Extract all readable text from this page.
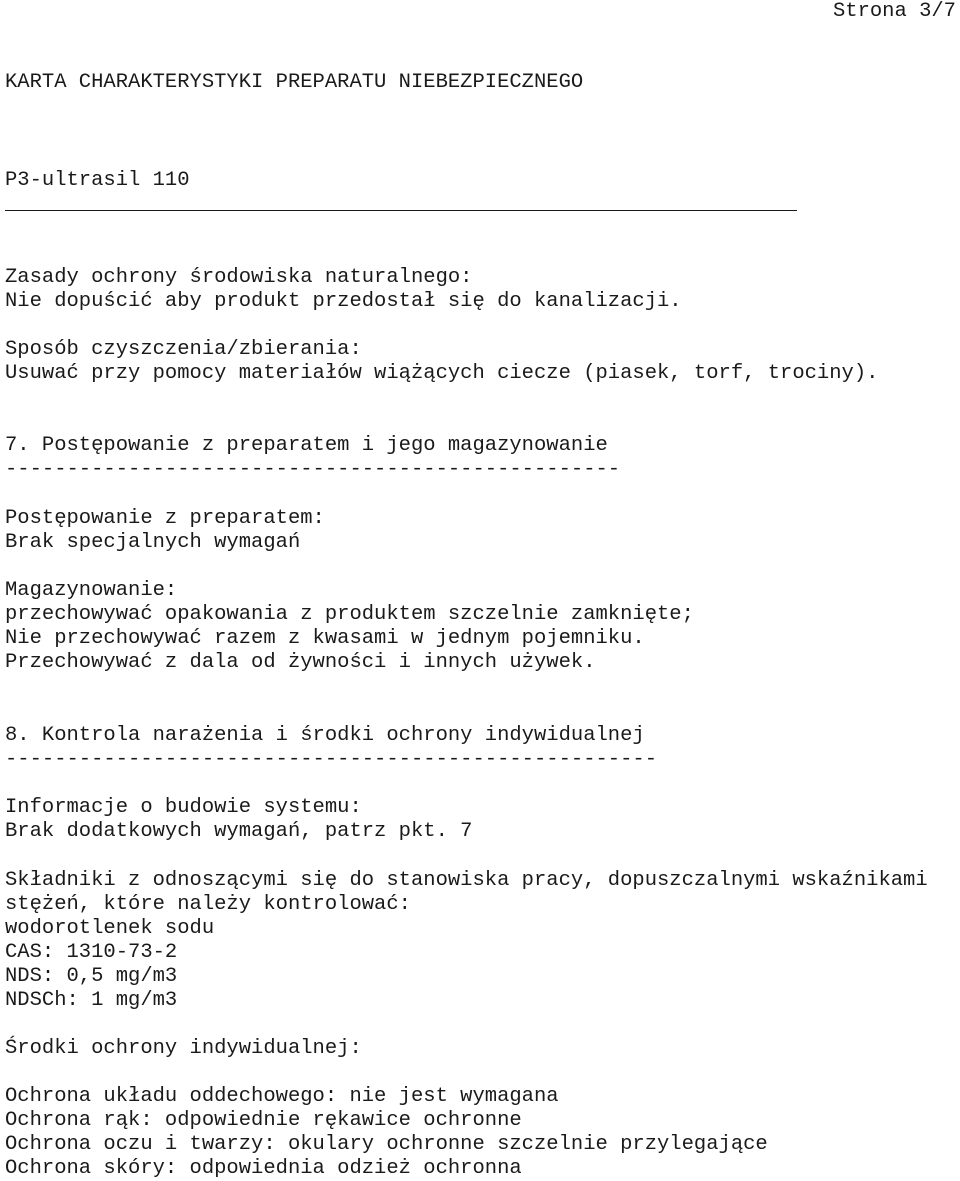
Strona 3/7
KARTA CHARAKTERYSTYKI PREPARATU NIEBEZPIECZNEGO
P3-ultrasil 110
Zasady ochrony środowiska naturalnego:
Nie dopuścić aby produkt przedostał się do kanalizacji.
Sposób czyszczenia/zbierania:
Usuwać przy pomocy materiałów wiążących ciecze (piasek, torf, trociny).
7. Postępowanie z preparatem i jego magazynowanie
--------------------------------------------------
Postępowanie z preparatem:
Brak specjalnych wymagań
Magazynowanie:
przechowywać opakowania z produktem szczelnie zamknięte;
Nie przechowywać razem z kwasami w jednym pojemniku.
Przechowywać z dala od żywności i innych używek.
8. Kontrola narażenia i środki ochrony indywidualnej
-----------------------------------------------------
Informacje o budowie systemu:
Brak dodatkowych wymagań, patrz pkt. 7
Składniki z odnoszącymi się do stanowiska pracy, dopuszczalnymi wskaźnikami
stężeń, które należy kontrolować:
wodorotlenek sodu
CAS: 1310-73-2
NDS: 0,5 mg/m3
NDSCh: 1 mg/m3
Środki ochrony indywidualnej:
Ochrona układu oddechowego: nie jest wymagana
Ochrona rąk: odpowiednie rękawice ochronne
Ochrona oczu i twarzy: okulary ochronne szczelnie przylegające
Ochrona skóry: odpowiednia odzież ochronna
